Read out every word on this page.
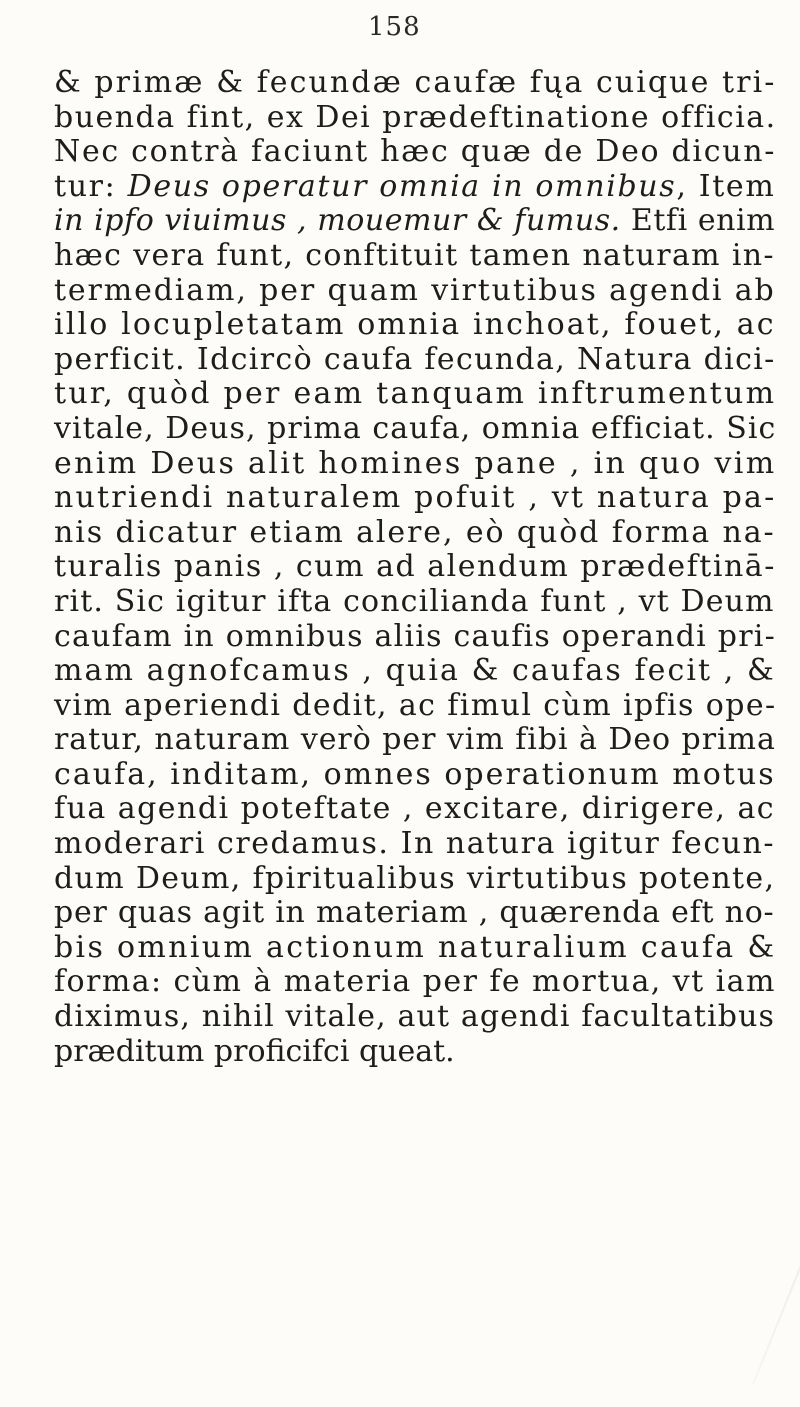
158
& primæ & fecundæ caufæ fųa cuique tri-
buenda fint, ex Dei prædeftinatione officia.
Nec contrà faciunt hæc quæ de Deo dicun-
tur: Deus operatur omnia in omnibus, Item
in ipfo viuimus , mouemur & fumus. Etfi enim
hæc vera funt, conftituit tamen naturam in-
termediam, per quam virtutibus agendi ab
illo locupletatam omnia inchoat, fouet, ac
perficit. Idcircò caufa fecunda, Natura dici-
tur, quòd per eam tanquam inftrumentum
vitale, Deus, prima caufa, omnia efficiat. Sic
enim Deus alit homines pane , in quo vim
nutriendi naturalem pofuit , vt natura pa-
nis dicatur etiam alere, eò quòd forma na-
turalis panis , cum ad alendum prædeftinā-
rit. Sic igitur ifta concilianda funt , vt Deum
caufam in omnibus aliis caufis operandi pri-
mam agnofcamus , quia & caufas fecit , &
vim aperiendi dedit, ac fimul cùm ipfis ope-
ratur, naturam verò per vim fibi à Deo prima
caufa, inditam, omnes operationum motus
fua agendi poteftate , excitare, dirigere, ac
moderari credamus. In natura igitur fecun-
dum Deum, fpiritualibus virtutibus potente,
per quas agit in materiam , quærenda eft no-
bis omnium actionum naturalium caufa &
forma: cùm à materia per fe mortua, vt iam
diximus, nihil vitale, aut agendi facultatibus
præditum proficifci queat.
